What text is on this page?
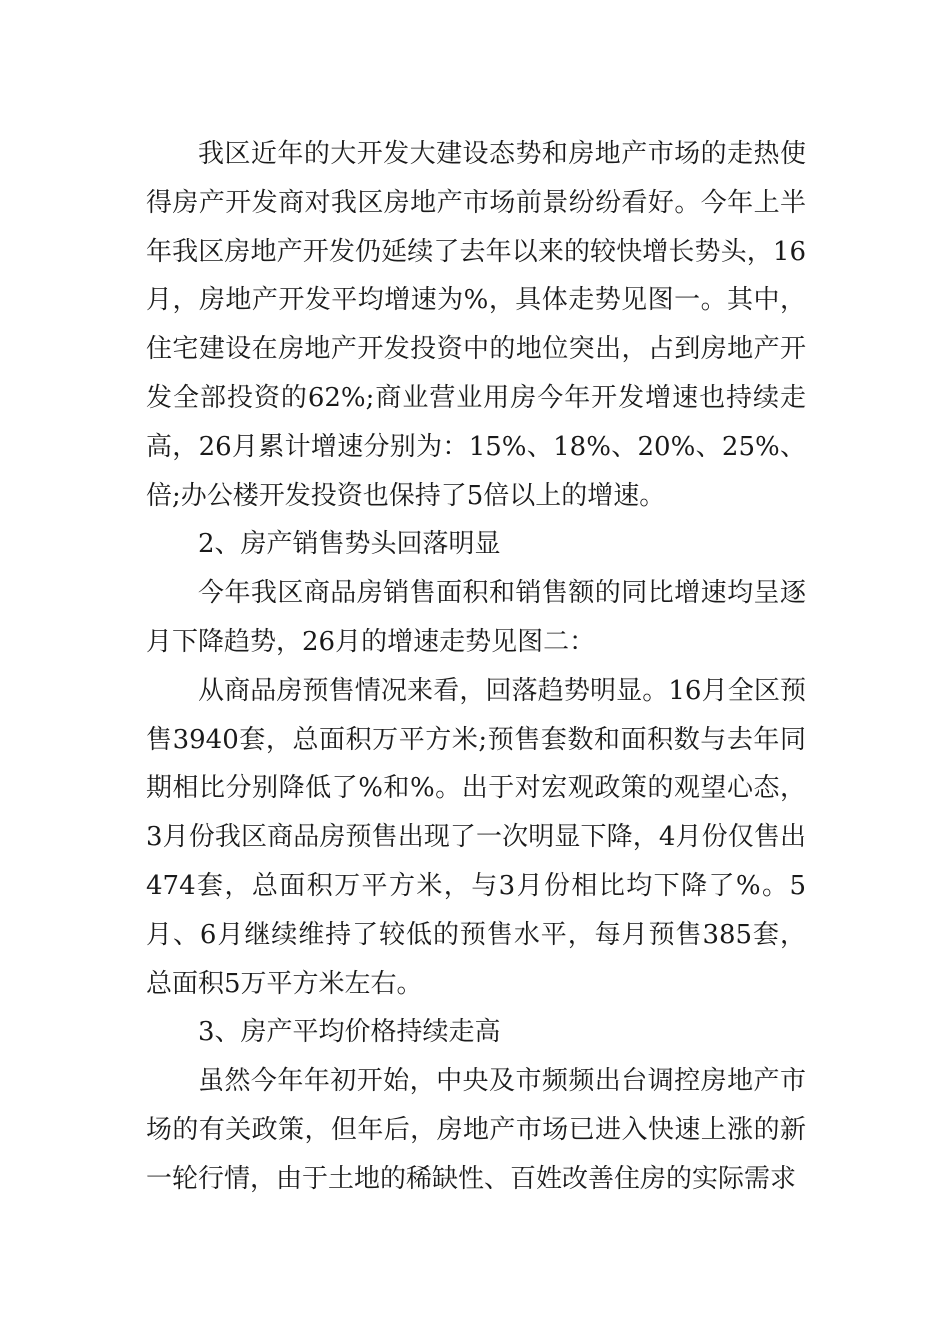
我区近年的大开发大建设态势和房地产市场的走热使得房产开发商对我区房地产市场前景纷纷看好。今年上半年我区房地产开发仍延续了去年以来的较快增长势头，16月，房地产开发平均增速为%，具体走势见图一。其中，住宅建设在房地产开发投资中的地位突出，占到房地产开发全部投资的62%;商业营业用房今年开发增速也持续走高，26月累计增速分别为：15%、18%、20%、25%、倍;办公楼开发投资也保持了5倍以上的增速。

2、房产销售势头回落明显

今年我区商品房销售面积和销售额的同比增速均呈逐月下降趋势，26月的增速走势见图二：

从商品房预售情况来看，回落趋势明显。16月全区预售3940套，总面积万平方米;预售套数和面积数与去年同期相比分别降低了%和%。出于对宏观政策的观望心态，3月份我区商品房预售出现了一次明显下降，4月份仅售出474套，总面积万平方米，与3月份相比均下降了%。5月、6月继续维持了较低的预售水平，每月预售385套，总面积5万平方米左右。

3、房产平均价格持续走高

虽然今年年初开始，中央及市频频出台调控房地产市场的有关政策，但年后，房地产市场已进入快速上涨的新一轮行情，由于土地的稀缺性、百姓改善住房的实际需求
